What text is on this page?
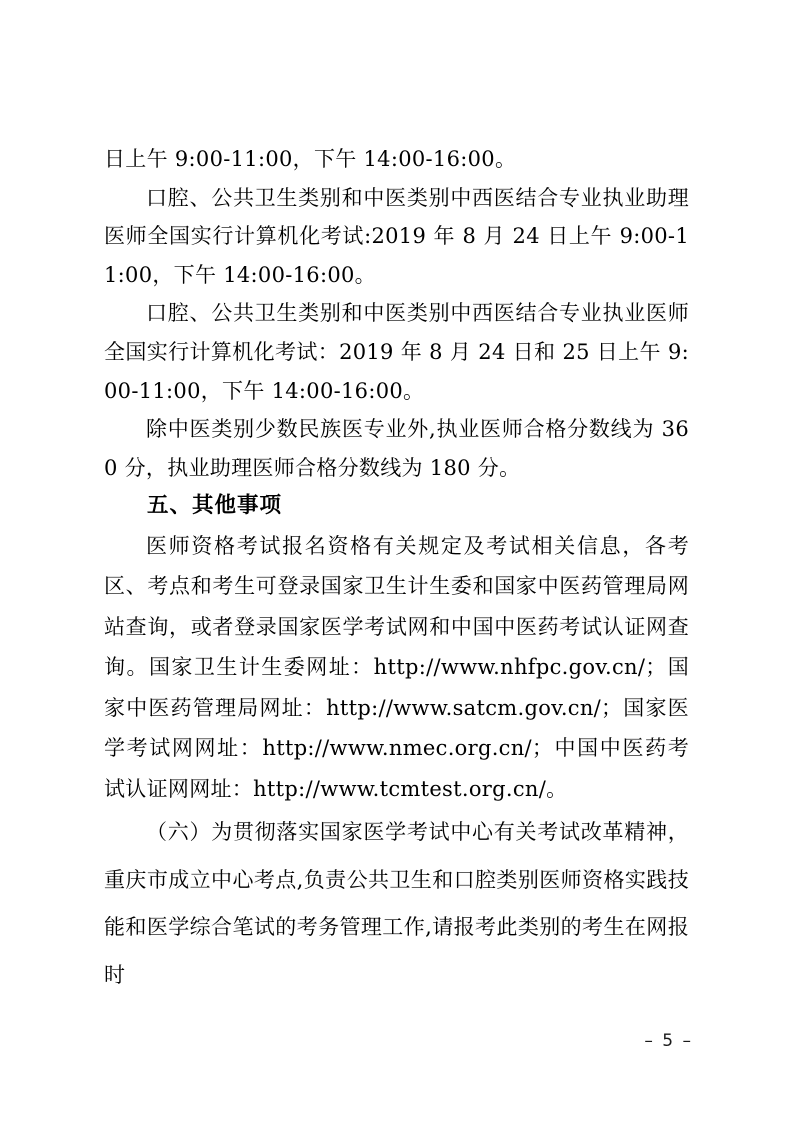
日上午 9:00-11:00，下午 14:00-16:00。

口腔、公共卫生类别和中医类别中西医结合专业执业助理医师全国实行计算机化考试:2019 年 8 月 24 日上午 9:00-11:00，下午 14:00-16:00。

口腔、公共卫生类别和中医类别中西医结合专业执业医师全国实行计算机化考试：2019 年 8 月 24 日和 25 日上午 9:00-11:00，下午 14:00-16:00。

除中医类别少数民族医专业外,执业医师合格分数线为 360 分，执业助理医师合格分数线为 180 分。

五、其他事项

医师资格考试报名资格有关规定及考试相关信息，各考区、考点和考生可登录国家卫生计生委和国家中医药管理局网站查询，或者登录国家医学考试网和中国中医药考试认证网查询。国家卫生计生委网址：http://www.nhfpc.gov.cn/；国家中医药管理局网址：http://www.satcm.gov.cn/；国家医学考试网网址：http://www.nmec.org.cn/；中国中医药考试认证网网址：http://www.tcmtest.org.cn/。

（六）为贯彻落实国家医学考试中心有关考试改革精神，重庆市成立中心考点,负责公共卫生和口腔类别医师资格实践技能和医学综合笔试的考务管理工作,请报考此类别的考生在网报时

– 5 –
